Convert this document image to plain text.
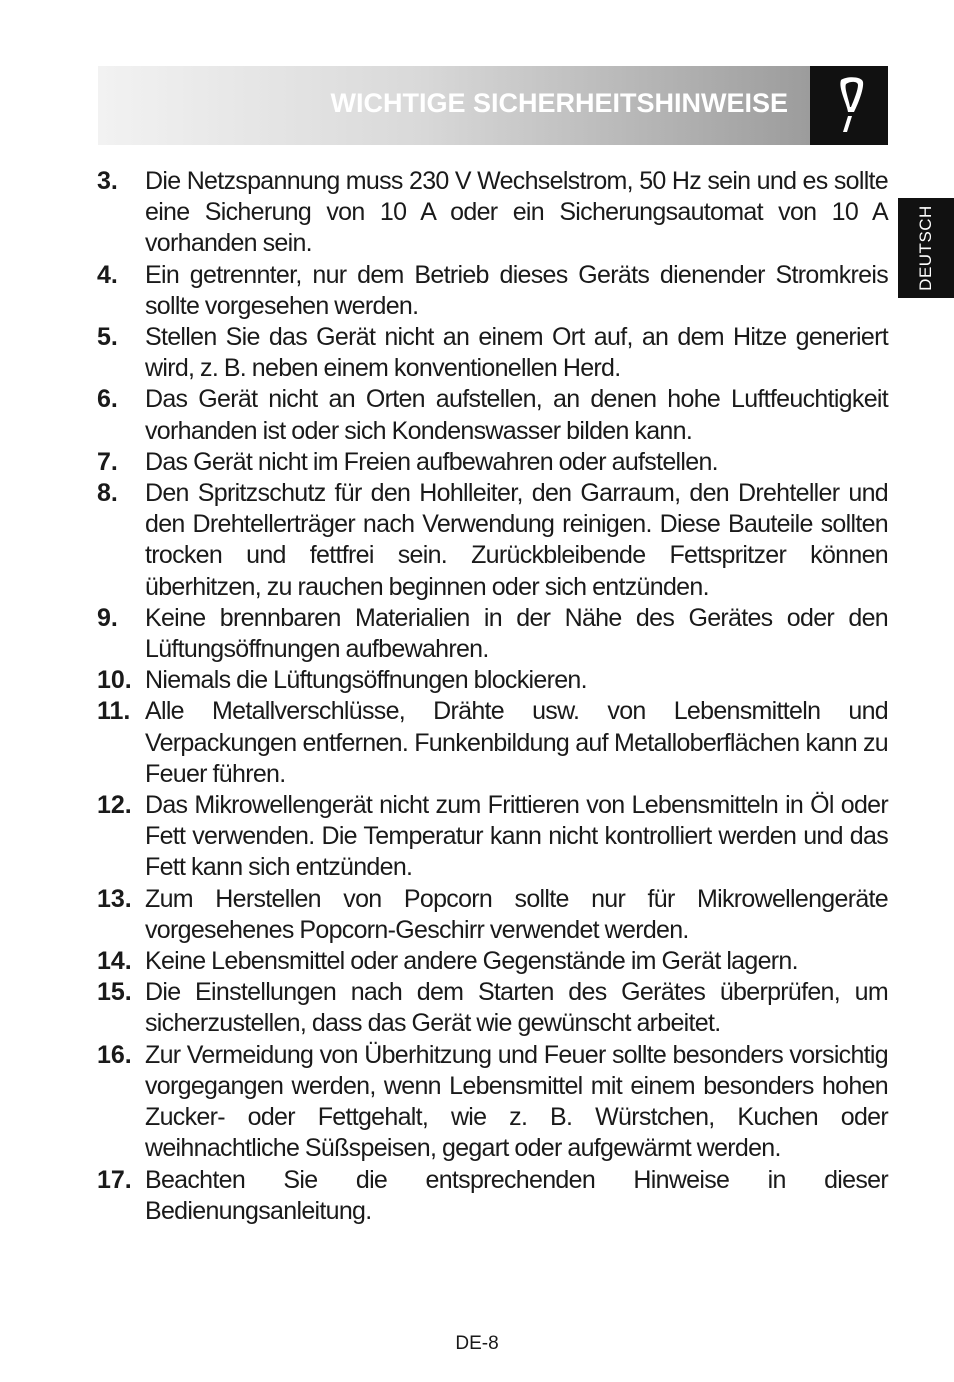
WICHTIGE SICHERHEITSHINWEISE
DEUTSCH
3.	Die Netzspannung muss 230 V Wechselstrom, 50 Hz sein und es sollte eine Sicherung von 10 A oder ein Sicherungsautomat von 10 A vorhanden sein.
4.	Ein getrennter, nur dem Betrieb dieses Geräts dienender Stromkreis sollte vorgesehen werden.
5.	Stellen Sie das Gerät nicht an einem Ort auf, an dem Hitze generiert wird, z. B. neben einem konventionellen Herd.
6.	Das Gerät nicht an Orten aufstellen, an denen hohe Luftfeuchtigkeit vorhanden ist oder sich Kondenswasser bilden kann.
7.	Das Gerät nicht im Freien aufbewahren oder aufstellen.
8.	Den Spritzschutz für den Hohlleiter, den Garraum, den Drehteller und den Drehtellerträger nach Verwendung reinigen. Diese Bauteile sollten trocken und fettfrei sein. Zurückbleibende Fettspritzer können überhitzen, zu rauchen beginnen oder sich entzünden.
9.	Keine brennbaren Materialien in der Nähe des Gerätes oder den Lüftungsöffnungen aufbewahren.
10. Niemals die Lüftungsöffnungen blockieren.
11. Alle Metallverschlüsse, Drähte usw. von Lebensmitteln und Verpackungen entfernen. Funkenbildung auf Metalloberflächen kann zu Feuer führen.
12. Das Mikrowellengerät nicht zum Frittieren von Lebensmitteln in Öl oder Fett verwenden. Die Temperatur kann nicht kontrolliert werden und das Fett kann sich entzünden.
13. Zum Herstellen von Popcorn sollte nur für Mikrowellengeräte vorgesehenes Popcorn-Geschirr verwendet werden.
14. Keine Lebensmittel oder andere Gegenstände im Gerät lagern.
15. Die Einstellungen nach dem Starten des Gerätes überprüfen, um sicherzustellen, dass das Gerät wie gewünscht arbeitet.
16. Zur Vermeidung von Überhitzung und Feuer sollte besonders vorsichtig vorgegangen werden, wenn Lebensmittel mit einem besonders hohen Zucker- oder Fettgehalt, wie z. B. Würstchen, Kuchen oder weihnachtliche Süßspeisen, gegart oder aufgewärmt werden.
17. Beachten Sie die entsprechenden Hinweise in dieser Bedienungsanleitung.
DE-8
